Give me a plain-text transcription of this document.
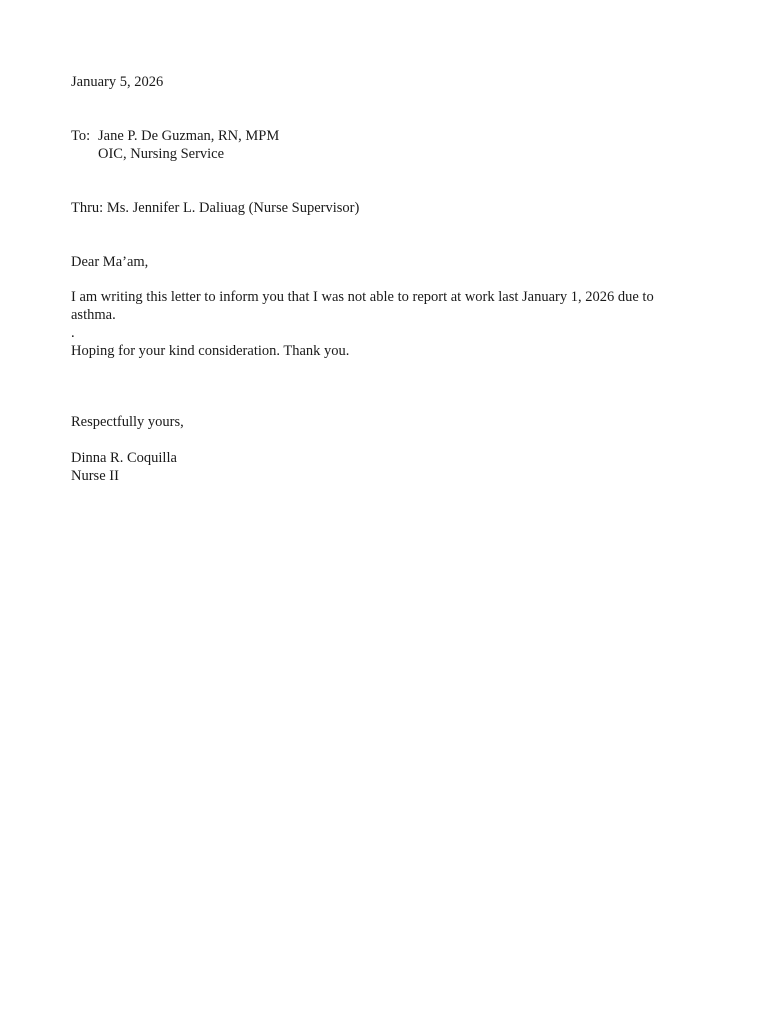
January 5, 2026
To: Jane P. De Guzman, RN, MPM
OIC, Nursing Service
Thru: Ms. Jennifer L. Daliuag (Nurse Supervisor)
Dear Ma’am,
I am writing this letter to inform you that I was not able to report at work last January 1, 2026 due to asthma.
.
Hoping for your kind consideration. Thank you.
Respectfully yours,
Dinna R. Coquilla
Nurse II
